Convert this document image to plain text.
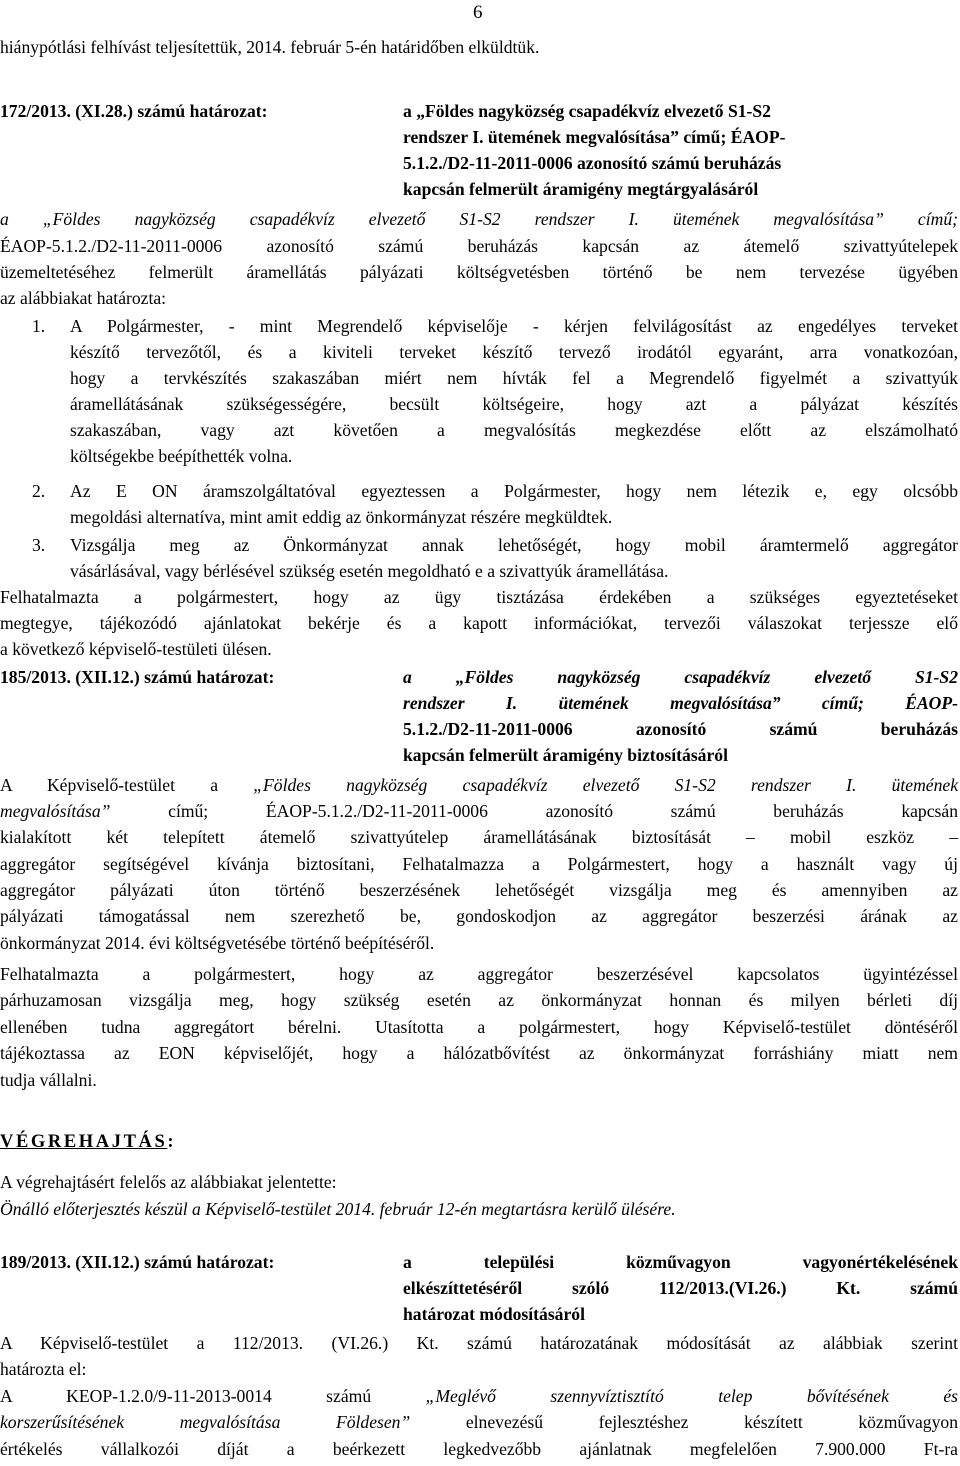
6
hiánypótlási felhívást teljesítettük, 2014. február 5-én határidőben elküldtük.
172/2013. (XI.28.) számú határozat:	a „Földes nagyközség csapadékvíz elvezető S1-S2
rendszer I. ütemének megvalósítása” című; ÉAOP-
5.1.2./D2-11-2011-0006 azonosító számú beruházás
kapcsán felmerült áramigény megtárgyalásáról
a „Földes nagyközség csapadékvíz elvezető S1-S2 rendszer I. ütemének megvalósítása” című;
ÉAOP-5.1.2./D2-11-2011-0006 azonosító számú beruházás kapcsán az átemelő szivattyútelepek
üzemeltetéséhez felmerült áramellátás pályázati költségvetésben történő be nem tervezése ügyében
az alábbiakat határozta:
1. A Polgármester, - mint Megrendelő képviselője - kérjen felvilágosítást az engedélyes terveket
készítő tervezőtől, és a kiviteli terveket készítő tervező irodától egyaránt, arra vonatkozóan,
hogy a tervkészítés szakaszában miért nem hívták fel a Megrendelő figyelmét a szivattyúk
áramellátásának szükségességére, becsült költségeire, hogy azt a pályázat készítés
szakaszában, vagy azt követően a megvalósítás megkezdése előtt az elszámolható
költségekbe beépíthették volna.
2. Az E ON áramszolgáltatóval egyeztessen a Polgármester, hogy nem létezik e, egy olcsóbb
megoldási alternatíva, mint amit eddig az önkormányzat részére megküldtek.
3. Vizsgálja meg az Önkormányzat annak lehetőségét, hogy mobil áramtermelő aggregátor
vásárlásával, vagy bérlésével szükség esetén megoldható e a szivattyúk áramellátása.
Felhatalmazta a polgármestert, hogy az ügy tisztázása érdekében a szükséges egyeztetéseket
megtegye, tájékozódó ajánlatokat bekérje és a kapott információkat, tervezői válaszokat terjessze elő
a következő képviselő-testületi ülésen.
185/2013. (XII.12.) számú határozat:	a „Földes nagyközség csapadékvíz elvezető S1-S2
rendszer I. ütemének megvalósítása” című; ÉAOP-
5.1.2./D2-11-2011-0006 azonosító számú beruházás
kapcsán felmerült áramigény biztosításáról
A Képviselő-testület a „Földes nagyközség csapadékvíz elvezető S1-S2 rendszer I. ütemének
megvalósítása” című; ÉAOP-5.1.2./D2-11-2011-0006 azonosító számú beruházás kapcsán
kialakított két telepített átemelő szivattyútelep áramellátásának biztosítását – mobil eszköz –
aggregátor segítségével kívánja biztosítani, Felhatalmazza a Polgármestert, hogy a használt vagy új
aggregátor pályázati úton történő beszerzésének lehetőségét vizsgálja meg és amennyiben az
pályázati támogatással nem szerezhető be, gondoskodjon az aggregátor beszerzési árának az
önkormányzat 2014. évi költségvetésébe történő beépítéséről.
Felhatalmazta a polgármestert, hogy az aggregátor beszerzésével kapcsolatos ügyintézéssel
párhuzamosan vizsgálja meg, hogy szükség esetén az önkormányzat honnan és milyen bérleti díj
ellenében tudna aggregátort bérelni. Utasította a polgármestert, hogy Képviselő-testület döntéséről
tájékoztassa az EON képviselőjét, hogy a hálózatbővítést az önkormányzat forráshiány miatt nem
tudja vállalni.
VÉGREHAJTÁS:
A végrehajtásért felelős az alábbiakat jelentette:
Önálló előterjesztés készül a Képviselő-testület 2014. február 12-én megtartásra kerülő ülésére.
189/2013. (XII.12.) számú határozat:	a települési közművagyon vagyonértékelésének
elkészíttetéséről szóló 112/2013.(VI.26.) Kt. számú
határozat módosításáról
A Képviselő-testület a 112/2013. (VI.26.) Kt. számú határozatának módosítását az alábbiak szerint
határozta el:
A KEOP-1.2.0/9-11-2013-0014 számú „Meglévő szennyvíztisztító telep bővítésének és
korszerűsítésének megvalósítása Földesen” elnevezésű fejlesztéshez készített közművagyon
értékelés vállalkozói díját a beérkezett legkedvezőbb ajánlatnak megfelelően 7.900.000 Ft-ra
